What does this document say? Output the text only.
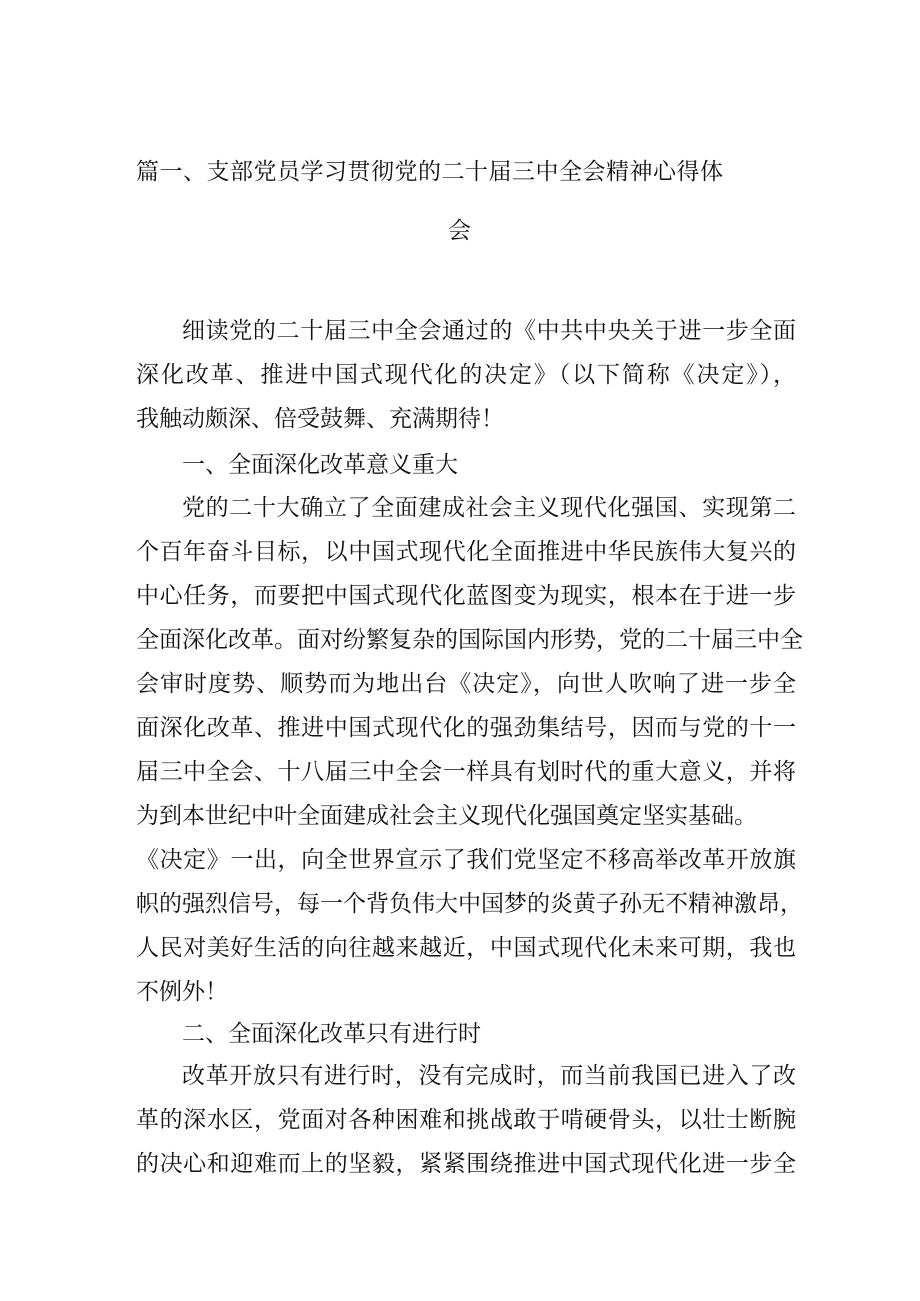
篇一、支部党员学习贯彻党的二十届三中全会精神心得体
会
细读党的二十届三中全会通过的《中共中央关于进一步全面
深化改革、推进中国式现代化的决定》（以下简称《决定》），
我触动颇深、倍受鼓舞、充满期待！
一、全面深化改革意义重大
党的二十大确立了全面建成社会主义现代化强国、实现第二
个百年奋斗目标，以中国式现代化全面推进中华民族伟大复兴的
中心任务，而要把中国式现代化蓝图变为现实，根本在于进一步
全面深化改革。面对纷繁复杂的国际国内形势，党的二十届三中全
会审时度势、顺势而为地出台《决定》，向世人吹响了进一步全
面深化改革、推进中国式现代化的强劲集结号，因而与党的十一
届三中全会、十八届三中全会一样具有划时代的重大意义，并将
为到本世纪中叶全面建成社会主义现代化强国奠定坚实基础。
《决定》一出，向全世界宣示了我们党坚定不移高举改革开放旗
帜的强烈信号，每一个背负伟大中国梦的炎黄子孙无不精神激昂，
人民对美好生活的向往越来越近，中国式现代化未来可期，我也
不例外！
二、全面深化改革只有进行时
改革开放只有进行时，没有完成时，而当前我国已进入了改
革的深水区，党面对各种困难和挑战敢于啃硬骨头，以壮士断腕
的决心和迎难而上的坚毅，紧紧围绕推进中国式现代化进一步全
